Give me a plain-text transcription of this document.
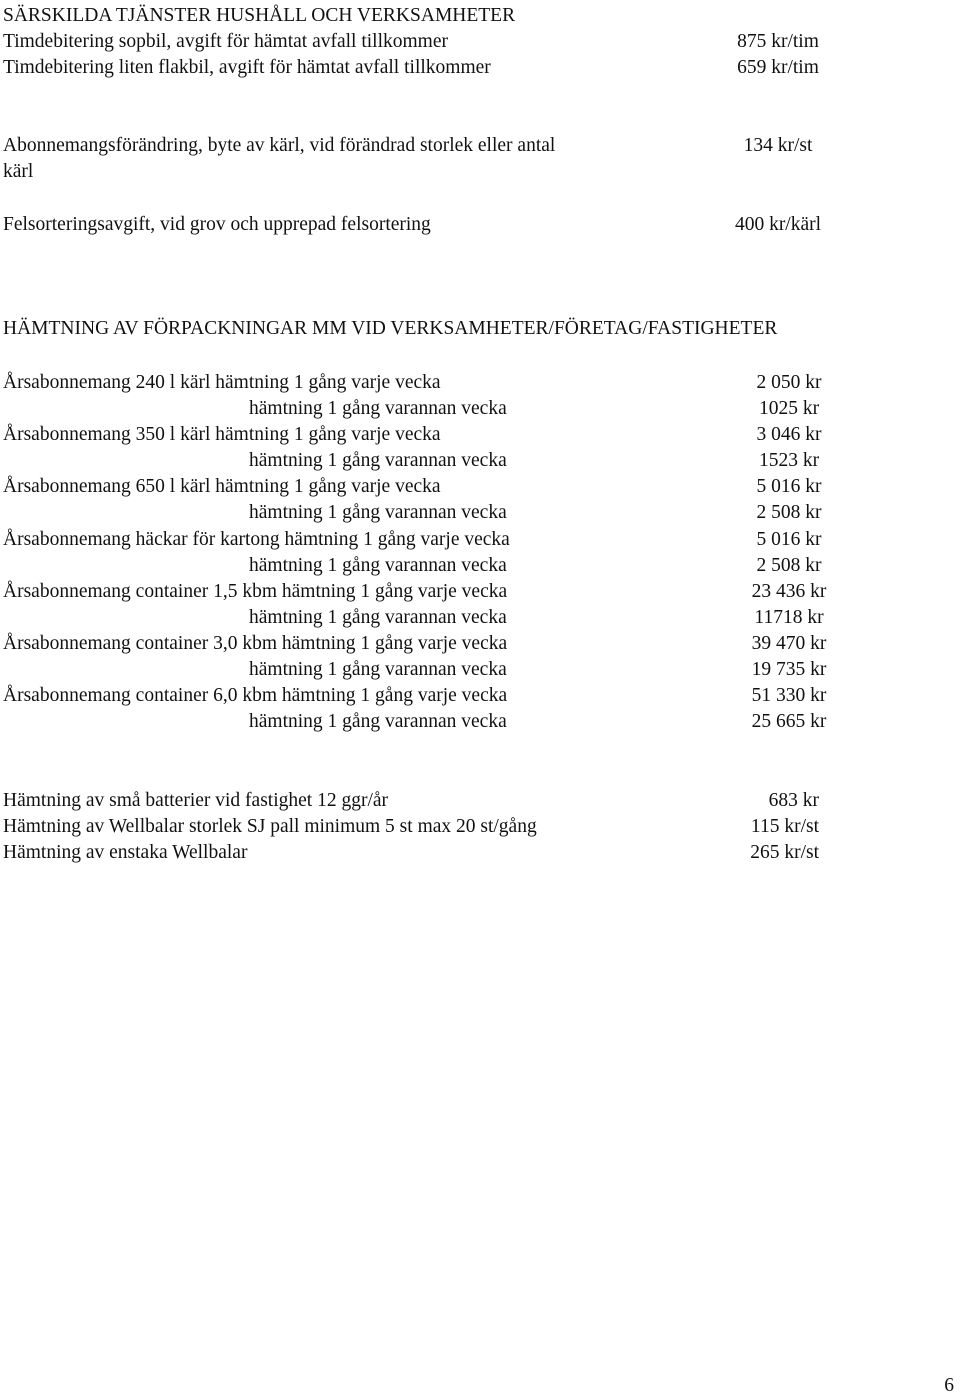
SÄRSKILDA TJÄNSTER HUSHÅLL OCH VERKSAMHETER
Timdebitering sopbil, avgift för hämtat avfall tillkommer	875 kr/tim
Timdebitering liten flakbil, avgift för hämtat avfall tillkommer	659 kr/tim
Abonnemangsförändring, byte av kärl, vid förändrad storlek eller antal	134 kr/st
kärl
Felsorteringsavgift, vid grov och upprepad felsortering	400 kr/kärl
HÄMTNING AV FÖRPACKNINGAR MM VID VERKSAMHETER/FÖRETAG/FASTIGHETER
Årsabonnemang 240 l kärl hämtning 1 gång varje vecka	2 050 kr
hämtning 1 gång varannan vecka	1025 kr
Årsabonnemang 350 l kärl hämtning 1 gång varje vecka	3 046 kr
hämtning 1 gång varannan vecka	1523 kr
Årsabonnemang 650 l kärl hämtning 1 gång varje vecka	5 016 kr
hämtning 1 gång varannan vecka	2 508 kr
Årsabonnemang häckar för kartong hämtning 1 gång varje vecka	5 016 kr
hämtning 1 gång varannan vecka	2 508 kr
Årsabonnemang container 1,5 kbm hämtning 1 gång varje vecka	23 436 kr
hämtning 1 gång varannan vecka	11718 kr
Årsabonnemang container 3,0 kbm hämtning 1 gång varje vecka	39 470 kr
hämtning 1 gång varannan vecka	19 735 kr
Årsabonnemang container 6,0 kbm hämtning 1 gång varje vecka	51 330 kr
hämtning 1 gång varannan vecka	25 665 kr
Hämtning av små batterier vid fastighet 12 ggr/år	683 kr
Hämtning av Wellbalar storlek SJ pall minimum 5 st max 20 st/gång	115 kr/st
Hämtning av enstaka Wellbalar	265 kr/st
6
